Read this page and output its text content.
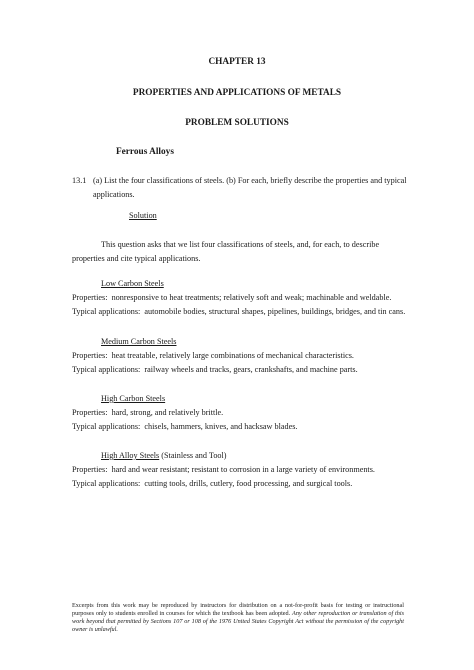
CHAPTER 13
PROPERTIES AND APPLICATIONS OF METALS
PROBLEM SOLUTIONS
Ferrous Alloys
13.1 (a) List the four classifications of steels. (b) For each, briefly describe the properties and typical
applications.
Solution
This question asks that we list four classifications of steels, and, for each, to describe
properties and cite typical applications.
Low Carbon Steels
Properties: nonresponsive to heat treatments; relatively soft and weak; machinable and weldable.
Typical applications: automobile bodies, structural shapes, pipelines, buildings, bridges, and tin cans.
Medium Carbon Steels
Properties: heat treatable, relatively large combinations of mechanical characteristics.
Typical applications: railway wheels and tracks, gears, crankshafts, and machine parts.
High Carbon Steels
Properties: hard, strong, and relatively brittle.
Typical applications: chisels, hammers, knives, and hacksaw blades.
High Alloy Steels (Stainless and Tool)
Properties: hard and wear resistant; resistant to corrosion in a large variety of environments.
Typical applications: cutting tools, drills, cutlery, food processing, and surgical tools.
Excerpts from this work may be reproduced by instructors for distribution on a not-for-profit basis for testing or instructional purposes only to students enrolled in courses for which the textbook has been adopted. Any other reproduction or translation of this work beyond that permitted by Sections 107 or 108 of the 1976 United States Copyright Act without the permission of the copyright owner is unlawful.
